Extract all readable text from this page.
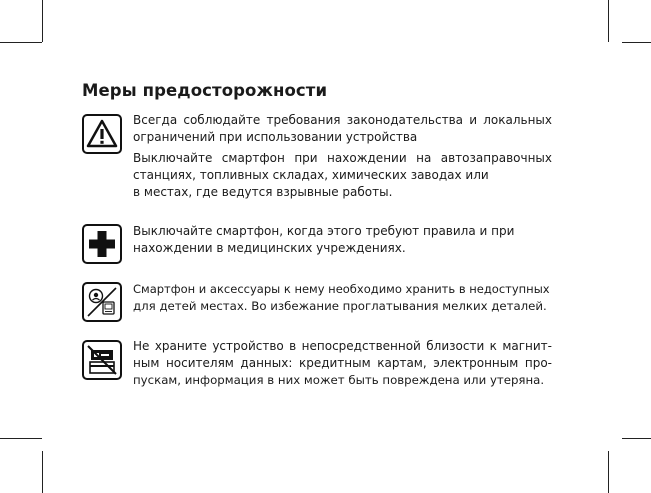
Меры предосторожности

Всегда соблюдайте требования законодательства и локальных
ограничений при использовании устройства

Выключайте смартфон при нахождении на автозаправочных
станциях, топливных складах, химических заводах или
в местах, где ведутся взрывные работы.

Выключайте смартфон, когда этого требуют правила и при
нахождении в медицинских учреждениях.

Смартфон и аксессуары к нему необходимо хранить в недоступных
для детей местах. Во избежание проглатывания мелких деталей.

Не храните устройство в непосредственной близости к магнит-
ным носителям данных: кредитным картам, электронным про-
пускам, информация в них может быть повреждена или утеряна.
